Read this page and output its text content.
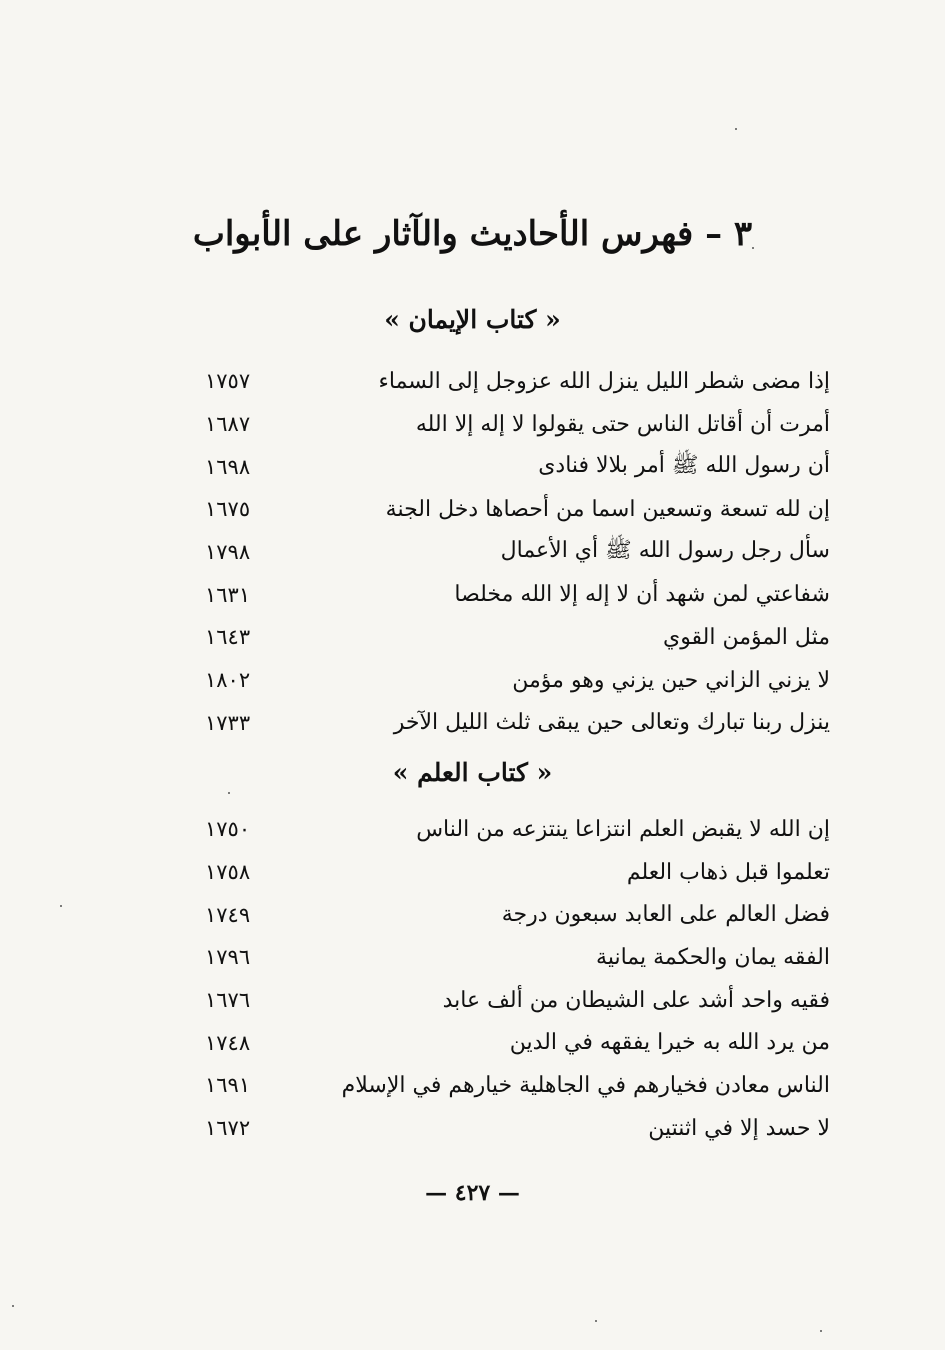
٣ – فهرس الأحاديث والآثار على الأبواب
« كتاب الإيمان »
إذا مضى شطر الليل ينزل الله عزوجل إلى السماء
١٧٥٧
أمرت أن أقاتل الناس حتى يقولوا لا إله إلا الله
١٦٨٧
أن رسول الله ﷺ أمر بلالا فنادى
١٦٩٨
إن لله تسعة وتسعين اسما من أحصاها دخل الجنة
١٦٧٥
سأل رجل رسول الله ﷺ أي الأعمال
١٧٩٨
شفاعتي لمن شهد أن لا إله إلا الله مخلصا
١٦٣١
مثل المؤمن القوي
١٦٤٣
لا يزني الزاني حين يزني وهو مؤمن
١٨٠٢
ينزل ربنا تبارك وتعالى حين يبقى ثلث الليل الآخر
١٧٣٣
« كتاب العلم »
إن الله لا يقبض العلم انتزاعا ينتزعه من الناس
١٧٥٠
تعلموا قبل ذهاب العلم
١٧٥٨
فضل العالم على العابد سبعون درجة
١٧٤٩
الفقه يمان والحكمة يمانية
١٧٩٦
فقيه واحد أشد على الشيطان من ألف عابد
١٦٧٦
من يرد الله به خيرا يفقهه في الدين
١٧٤٨
الناس معادن فخيارهم في الجاهلية خيارهم في الإسلام
١٦٩١
لا حسد إلا في اثنتين
١٦٧٢
— ٤٢٧ —
